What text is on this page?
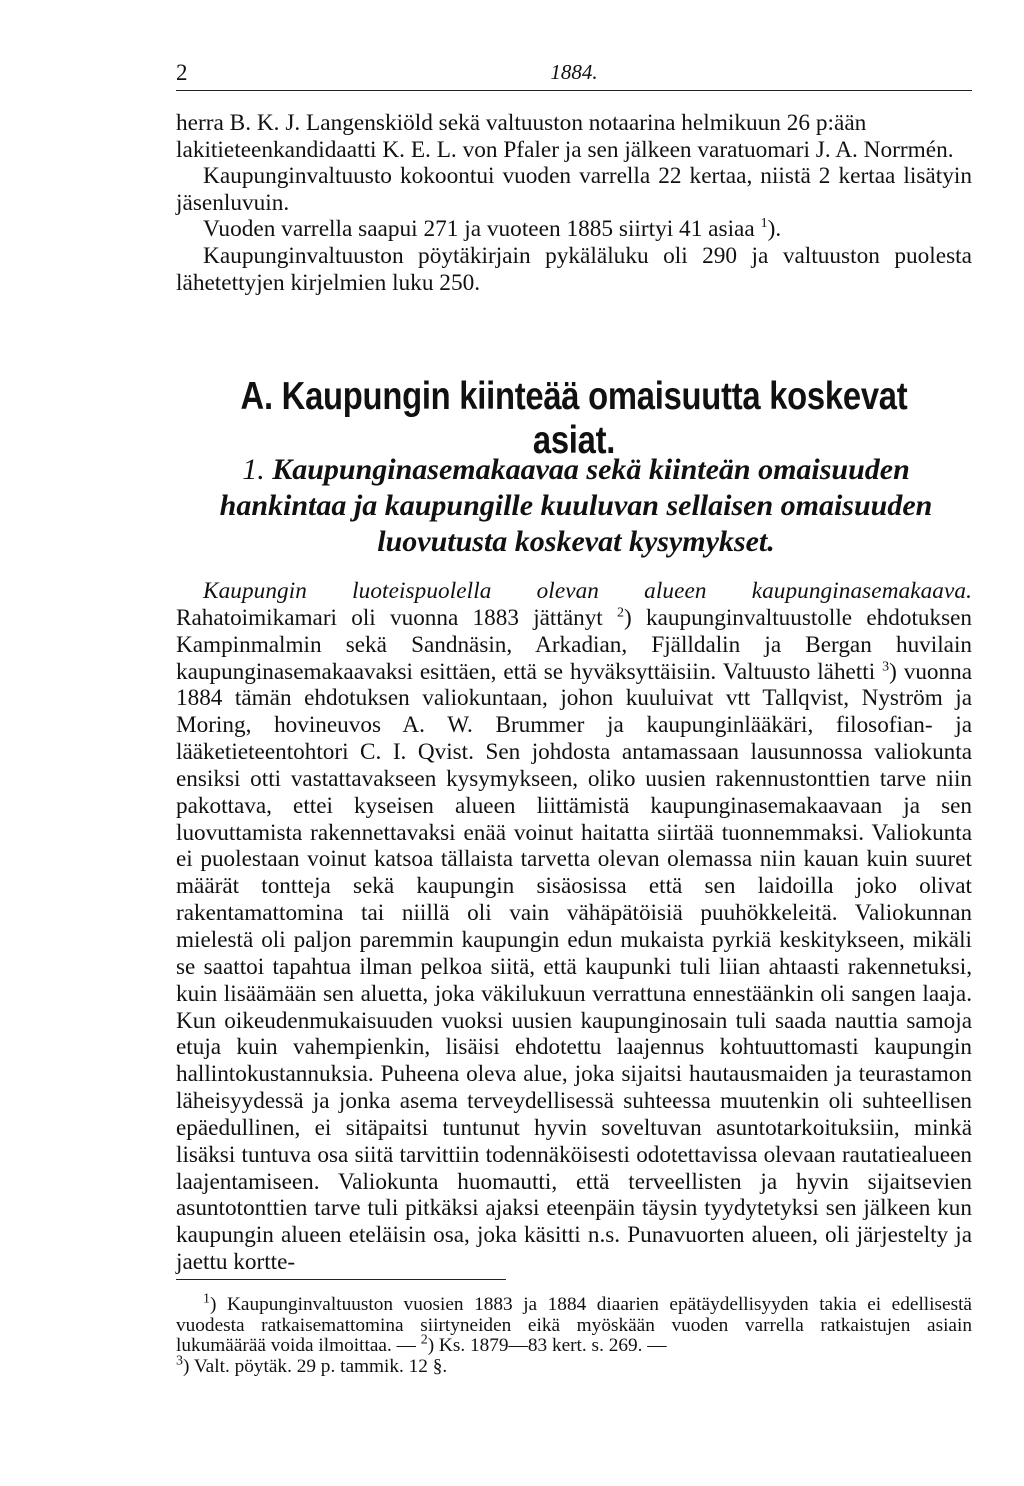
2	1884.

herra B. K. J. Langenskiöld sekä valtuuston notaarina helmikuun 26 p:ään lakitieteenkandidaatti K. E. L. von Pfaler ja sen jälkeen varatuomari J. A. Norrmén.

Kaupunginvaltuusto kokoontui vuoden varrella 22 kertaa, niistä 2 kertaa lisätyin jäsenluvuin.

Vuoden varrella saapui 271 ja vuoteen 1885 siirtyi 41 asiaa $^1$).

Kaupunginvaltuuston pöytäkirjain pykäläluku oli 290 ja valtuuston puolesta lähetettyjen kirjelmien luku 250.

A. Kaupungin kiinteää omaisuutta koskevat asiat.
1. Kaupunginasemakaavaa sekä kiinteän omaisuuden hankintaa ja kaupungille kuuluvan sellaisen omaisuuden luovutusta koskevat kysymykset.

Kaupungin luoteispuolella olevan alueen kaupunginasemakaava. Rahatoimikamari oli vuonna 1883 jättänyt $^2$) kaupunginvaltuustolle ehdotuksen Kampinmalmin sekä Sandnäsin, Arkadian, Fjälldalin ja Bergan huvilain kaupunginasemakaavaksi esittäen, että se hyväksyttäisiin. Valtuusto lähetti $^3$) vuonna 1884 tämän ehdotuksen valiokuntaan, johon kuuluivat vtt Tallqvist, Nyström ja Moring, hovineuvos A. W. Brummer ja kaupunginlääkäri, filosofian- ja lääketieteentohtori C. I. Qvist. Sen johdosta antamassaan lausunnossa valiokunta ensiksi otti vastattavakseen kysymykseen, oliko uusien rakennustonttien tarve niin pakottava, ettei kyseisen alueen liittämistä kaupunginasemakaavaan ja sen luovuttamista rakennettavaksi enää voinut haitatta siirtää tuonnemmaksi. Valiokunta ei puolestaan voinut katsoa tällaista tarvetta olevan olemassa niin kauan kuin suuret määrät tontteja sekä kaupungin sisäosissa että sen laidoilla joko olivat rakentamattomina tai niillä oli vain vähäpätöisiä puuhökkeleitä. Valiokunnan mielestä oli paljon paremmin kaupungin edun mukaista pyrkiä keskitykseen, mikäli se saattoi tapahtua ilman pelkoa siitä, että kaupunki tuli liian ahtaasti rakennetuksi, kuin lisäämään sen aluetta, joka väkilukuun verrattuna ennestäänkin oli sangen laaja. Kun oikeudenmukaisuuden vuoksi uusien kaupunginosain tuli saada nauttia samoja etuja kuin vahempienkin, lisäisi ehdotettu laajennus kohtuuttomasti kaupungin hallintokustannuksia. Puheena oleva alue, joka sijaitsi hautausmaiden ja teurastamon läheisyydessä ja jonka asema terveydellisessä suhteessa muutenkin oli suhteellisen epäedullinen, ei sitäpaitsi tuntunut hyvin soveltuvan asuntotarkoituksiin, minkä lisäksi tuntuva osa siitä tarvittiin todennäköisesti odotettavissa olevaan rautatiealueen laajentamiseen. Valiokunta huomautti, että terveellisten ja hyvin sijaitsevien asuntotonttien tarve tuli pitkäksi ajaksi eteenpäin täysin tyydytetyksi sen jälkeen kun kaupungin alueen eteläisin osa, joka käsitti n.s. Punavuorten alueen, oli järjestelty ja jaettu kortte-

$^1$) Kaupunginvaltuuston vuosien 1883 ja 1884 diaarien epätäydellisyyden takia ei edellisestä vuodesta ratkaisemattomina siirtyneiden eikä myöskään vuoden varrella ratkaistujen asiain lukumäärää voida ilmoittaa. — $^2$) Ks. 1879—83 kert. s. 269. —
$^3$) Valt. pöytäk. 29 p. tammik. 12 §.
